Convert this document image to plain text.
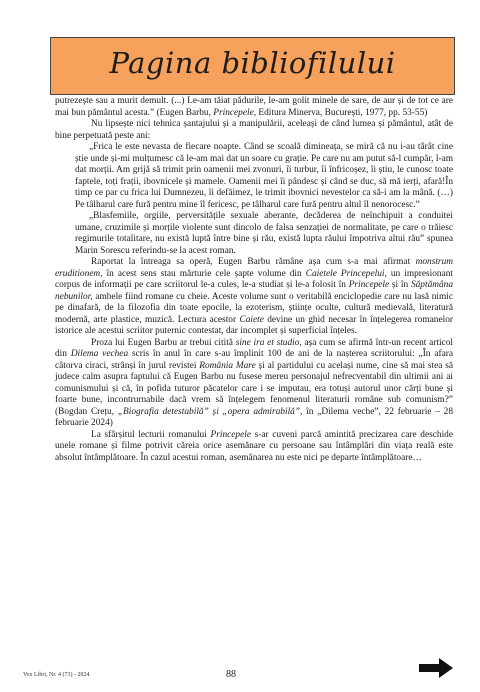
Pagina bibliofilului

putrezește sau a murit demult. (...) Le-am tăiat pădurile, le-am golit minele de sare, de aur și de tot ce are mai bun pământul acesta.” (Eugen Barbu, Princepele, Editura Minerva, București, 1977, pp. 53-55)

Nu lipsește nici tehnica șantajului și a manipulării, aceleași de când lumea și pământul, atât de bine perpetuată peste ani:

„Frica le este nevasta de fiecare noapte. Când se scoală dimineața, se miră că nu i-au târât cine știe unde și-mi mulțumesc că le-am mai dat un soare cu grație. Pe care nu am putut să-l cumpăr, l-am dat morții. Am grijă să trimit prin oamenii mei zvonuri, îi turbur, îi înfricoșez, îi știu, le cunosc toate faptele, toți frații, ibovnicele și mamele. Oamenii mei îi pândesc și când se duc, să mă ierți, afară!În timp ce par cu frica lui Dumnezeu, îi defăimez, le trimit ibovnici nevestelor ca să-i am la mână. (…) Pe tâlharul care fură pentru mine îl fericesc, pe tâlharul care fură pentru altul îl nenorocesc.”

„Blasfemiile, orgiile, perversitățile sexuale aberante, decăderea de neînchipuit a conduitei umane, cruzimile și morțile violente sunt dincolo de falsa senzației de normalitate, pe care o trăiesc regimurile totalitare, nu există luptă între bine și rău, există lupta răului împotriva altui rău” spunea Marin Sorescu referindu-se la acest roman.

Raportat la întreaga sa operă, Eugen Barbu rămâne așa cum s-a mai afirmat monstrum eruditionem, în acest sens stau mărturie cele șapte volume din Caietele Princepelui, un impresionant corpus de informații pe care scriitorul le-a cules, le-a studiat și le-a folosit în Princepele și în Săptămâna nebunilor, ambele fiind romane cu cheie. Aceste volume sunt o veritabilă enciclopedie care nu lasă nimic pe dinafară, de la filozofia din toate epocile, la ezoterism, științe oculte, cultură medievală, literatură modernă, arte plastice, muzică. Lectura acestor Caiete devine un ghid necesar în înțelegerea romanelor istorice ale acestui scriitor puternic contestat, dar incomplet și superficial înțeles.

Proza lui Eugen Barbu ar trebui citită sine ira et studio, așa cum se afirmă într-un recent articol din Dilema vechea scris în anul în care s-au împlinit 100 de ani de la nașterea scriitorului: „În afara câtorva ciraci, strânși în jurul revistei România Mare și al partidului cu același nume, cine să mai stea să judece calm asupra faptului că Eugen Barbu nu fusese mereu personajul nefrecventabil din ultimii ani ai comunismului și că, în pofida tuturor păcatelor care i se imputau, era totuși autorul unor cărți bune și foarte bune, incontrurnabile dacă vrem să înțelegem fenomenul literaturii române sub comunism?” (Bogdan Crețu, „Biografia detestabilă” și „opera admirabilă”, în „Dilema veche”, 22 februarie – 28 februarie 2024)

La sfârșitul lecturii romanului Princepele s-ar cuveni parcă amintită precizarea care deschide unele romane și filme potrivit căreia orice asemănare cu persoane sau întâmplări din viața reală este absolut întâmplătoare. În cazul acestui roman, asemănarea nu este nici pe departe întâmplătoare…

Vox Libri, Nr. 4 (73) - 2024	88
